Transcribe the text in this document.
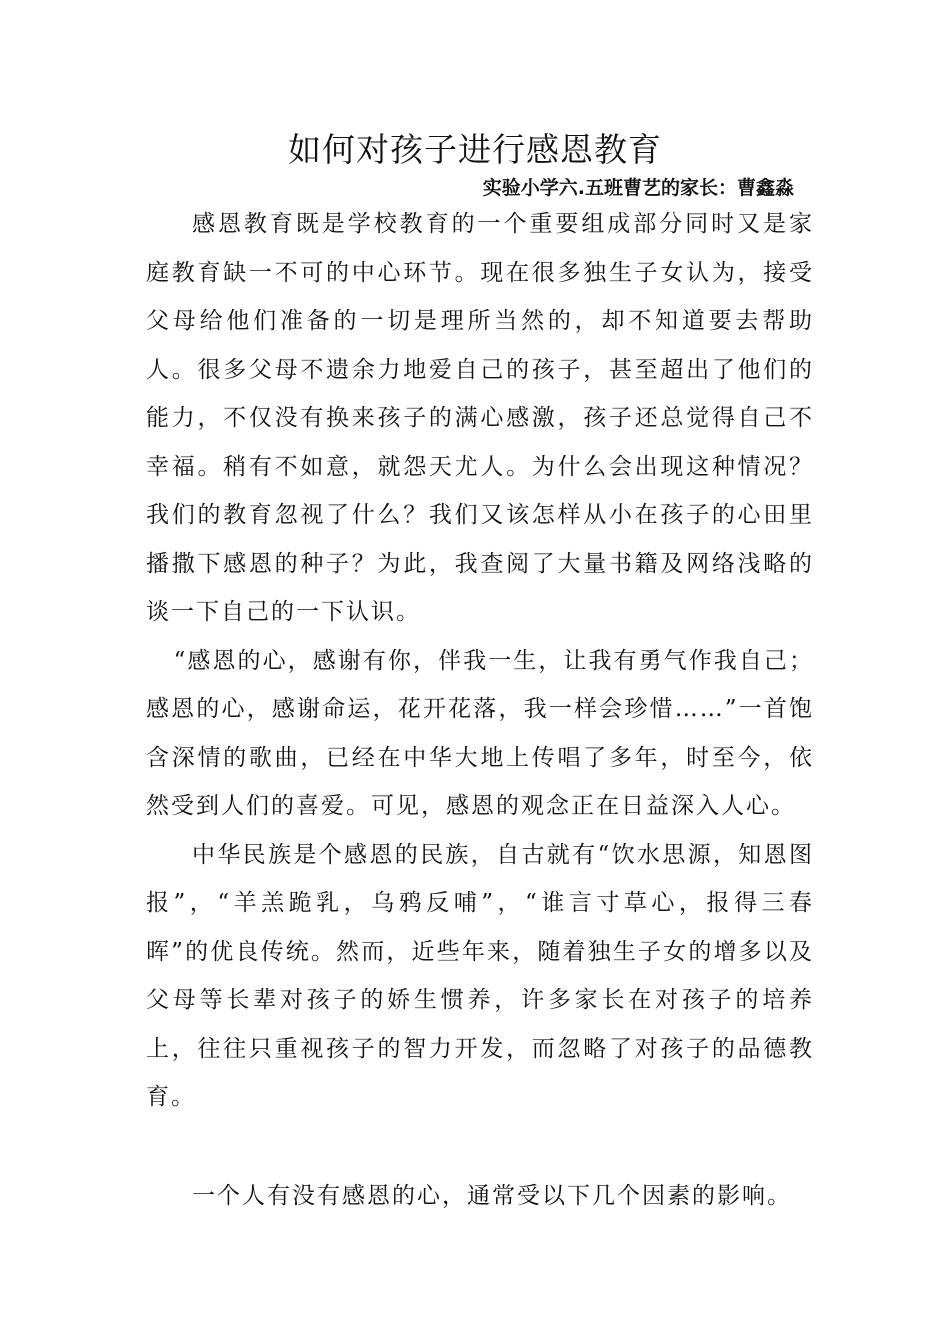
如何对孩子进行感恩教育

实验小学六.五班曹艺的家长：曹鑫淼

感恩教育既是学校教育的一个重要组成部分同时又是家庭教育缺一不可的中心环节。现在很多独生子女认为，接受父母给他们准备的一切是理所当然的，却不知道要去帮助人。很多父母不遗余力地爱自己的孩子，甚至超出了他们的能力，不仅没有换来孩子的满心感激，孩子还总觉得自己不幸福。稍有不如意，就怨天尤人。为什么会出现这种情况？我们的教育忽视了什么？我们又该怎样从小在孩子的心田里播撒下感恩的种子？为此，我查阅了大量书籍及网络浅略的谈一下自己的一下认识。

“感恩的心，感谢有你，伴我一生，让我有勇气作我自己；感恩的心，感谢命运，花开花落，我一样会珍惜……”一首饱含深情的歌曲，已经在中华大地上传唱了多年，时至今，依然受到人们的喜爱。可见，感恩的观念正在日益深入人心。

中华民族是个感恩的民族，自古就有“饮水思源，知恩图报”，“羊羔跪乳，乌鸦反哺”，“谁言寸草心，报得三春晖”的优良传统。然而，近些年来，随着独生子女的增多以及父母等长辈对孩子的娇生惯养，许多家长在对孩子的培养上，往往只重视孩子的智力开发，而忽略了对孩子的品德教育。

一个人有没有感恩的心，通常受以下几个因素的影响。
